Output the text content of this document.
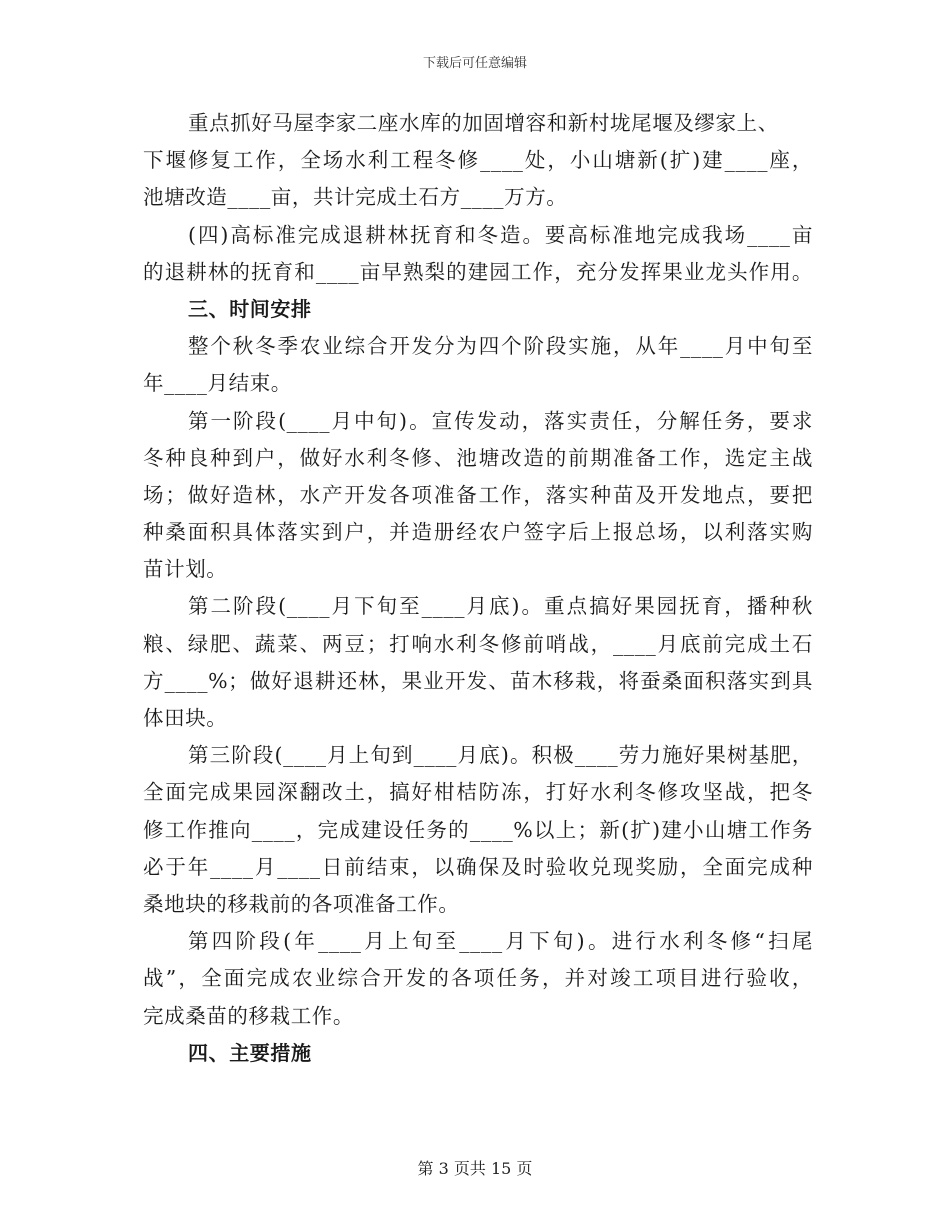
下载后可任意编辑
重点抓好马屋李家二座水库的加固增容和新村垅尾堰及缪家上、
下堰修复工作，全场水利工程冬修____处，小山塘新(扩)建____座，
池塘改造____亩，共计完成土石方____万方。
(四)高标准完成退耕林抚育和冬造。要高标准地完成我场____亩
的退耕林的抚育和____亩早熟梨的建园工作，充分发挥果业龙头作用。
三、时间安排
整个秋冬季农业综合开发分为四个阶段实施，从年____月中旬至
年____月结束。
第一阶段(____月中旬)。宣传发动，落实责任，分解任务，要求
冬种良种到户，做好水利冬修、池塘改造的前期准备工作，选定主战
场；做好造林，水产开发各项准备工作，落实种苗及开发地点，要把
种桑面积具体落实到户，并造册经农户签字后上报总场，以利落实购
苗计划。
第二阶段(____月下旬至____月底)。重点搞好果园抚育，播种秋
粮、绿肥、蔬菜、两豆；打响水利冬修前哨战，____月底前完成土石
方____%；做好退耕还林，果业开发、苗木移栽，将蚕桑面积落实到具
体田块。
第三阶段(____月上旬到____月底)。积极____劳力施好果树基肥，
全面完成果园深翻改土，搞好柑桔防冻，打好水利冬修攻坚战，把冬
修工作推向____，完成建设任务的____%以上；新(扩)建小山塘工作务
必于年____月____日前结束，以确保及时验收兑现奖励，全面完成种
桑地块的移栽前的各项准备工作。
第四阶段(年____月上旬至____月下旬)。进行水利冬修“扫尾
战”，全面完成农业综合开发的各项任务，并对竣工项目进行验收，
完成桑苗的移栽工作。
四、主要措施
第 3 页共 15 页
